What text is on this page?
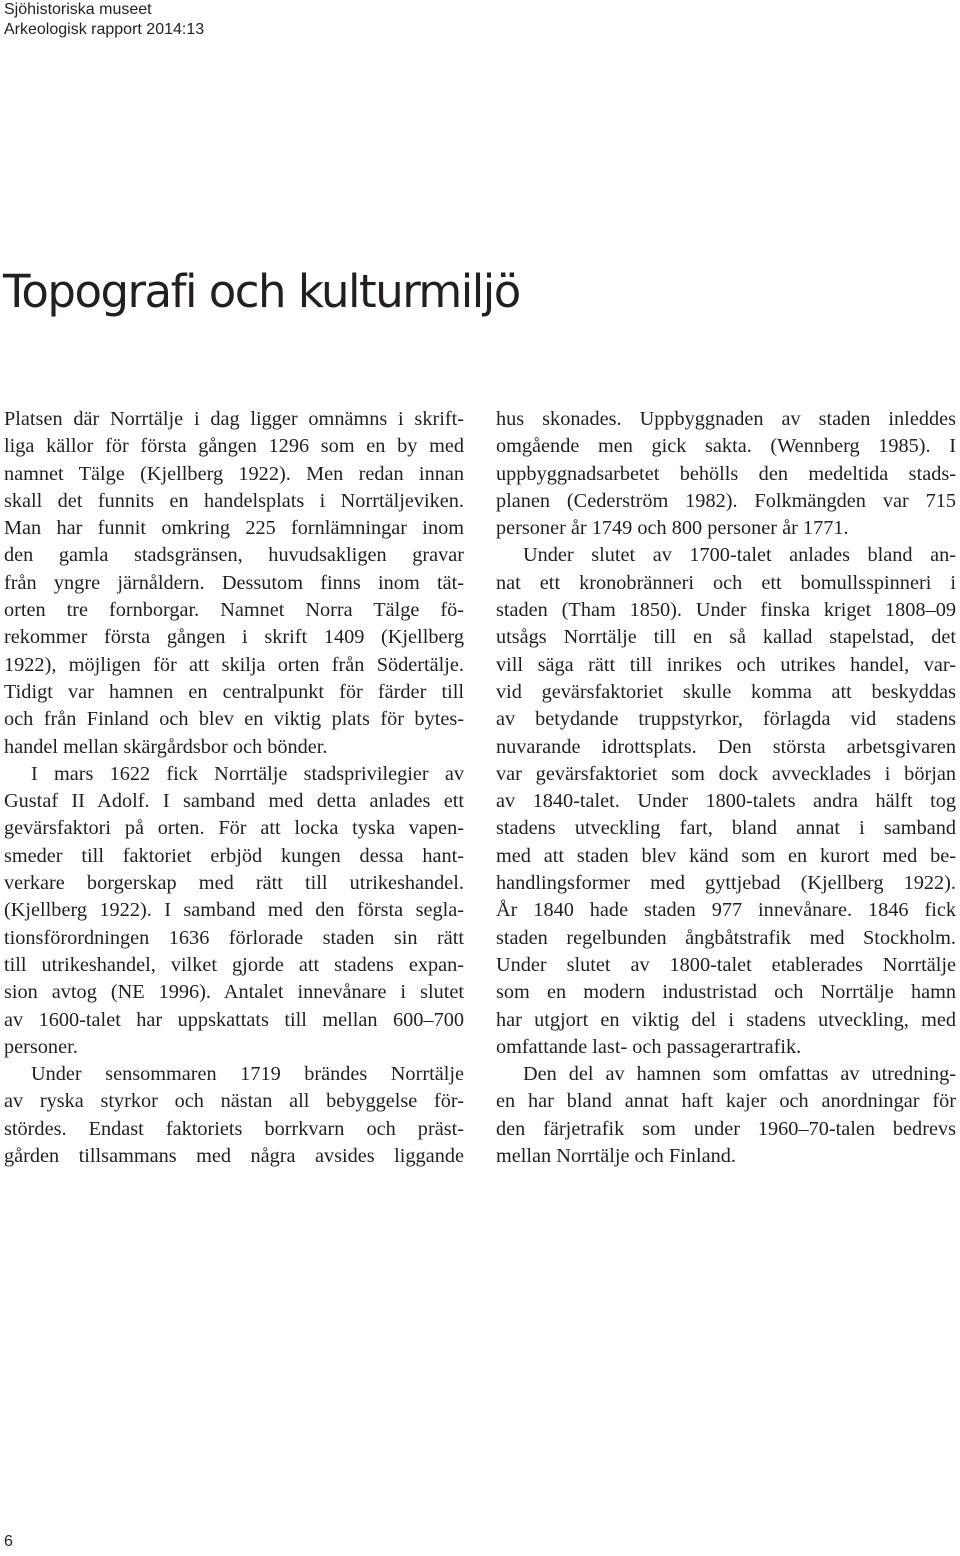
Sjöhistoriska museet
Arkeologisk rapport 2014:13
Topografi och kulturmiljö
Platsen där Norrtälje i dag ligger omnämns i skrift-
liga källor för första gången 1296 som en by med
namnet Tälge (Kjellberg 1922). Men redan innan
skall det funnits en handelsplats i Norrtäljeviken.
Man har funnit omkring 225 fornlämningar inom
den gamla stadsgränsen, huvudsakligen gravar
från yngre järnåldern. Dessutom finns inom tät-
orten tre fornborgar. Namnet Norra Tälge fö-
rekommer första gången i skrift 1409 (Kjellberg
1922), möjligen för att skilja orten från Södertälje.
Tidigt var hamnen en centralpunkt för färder till
och från Finland och blev en viktig plats för bytes-
handel mellan skärgårdsbor och bönder.
I mars 1622 fick Norrtälje stadsprivilegier av
Gustaf II Adolf. I samband med detta anlades ett
gevärsfaktori på orten. För att locka tyska vapen-
smeder till faktoriet erbjöd kungen dessa hant-
verkare borgerskap med rätt till utrikeshandel.
(Kjellberg 1922). I samband med den första segla-
tionsförordningen 1636 förlorade staden sin rätt
till utrikeshandel, vilket gjorde att stadens expan-
sion avtog (NE 1996). Antalet innevånare i slutet
av 1600-talet har uppskattats till mellan 600–700
personer.
Under sensommaren 1719 brändes Norrtälje
av ryska styrkor och nästan all bebyggelse för-
stördes. Endast faktoriets borrkvarn och präst-
gården tillsammans med några avsides liggande
hus skonades. Uppbyggnaden av staden inleddes
omgående men gick sakta. (Wennberg 1985). I
uppbyggnadsarbetet behölls den medeltida stads-
planen (Cederström 1982). Folkmängden var 715
personer år 1749 och 800 personer år 1771.
Under slutet av 1700-talet anlades bland an-
nat ett kronobränneri och ett bomullsspinneri i
staden (Tham 1850). Under finska kriget 1808–09
utsågs Norrtälje till en så kallad stapelstad, det
vill säga rätt till inrikes och utrikes handel, var-
vid gevärsfaktoriet skulle komma att beskyddas
av betydande truppstyrkor, förlagda vid stadens
nuvarande idrottsplats. Den största arbetsgivaren
var gevärsfaktoriet som dock avvecklades i början
av 1840-talet. Under 1800-talets andra hälft tog
stadens utveckling fart, bland annat i samband
med att staden blev känd som en kurort med be-
handlingsformer med gyttjebad (Kjellberg 1922).
År 1840 hade staden 977 innevånare. 1846 fick
staden regelbunden ångbåtstrafik med Stockholm.
Under slutet av 1800-talet etablerades Norrtälje
som en modern industristad och Norrtälje hamn
har utgjort en viktig del i stadens utveckling, med
omfattande last- och passagerartrafik.
Den del av hamnen som omfattas av utredning-
en har bland annat haft kajer och anordningar för
den färjetrafik som under 1960–70-talen bedrevs
mellan Norrtälje och Finland.
6
